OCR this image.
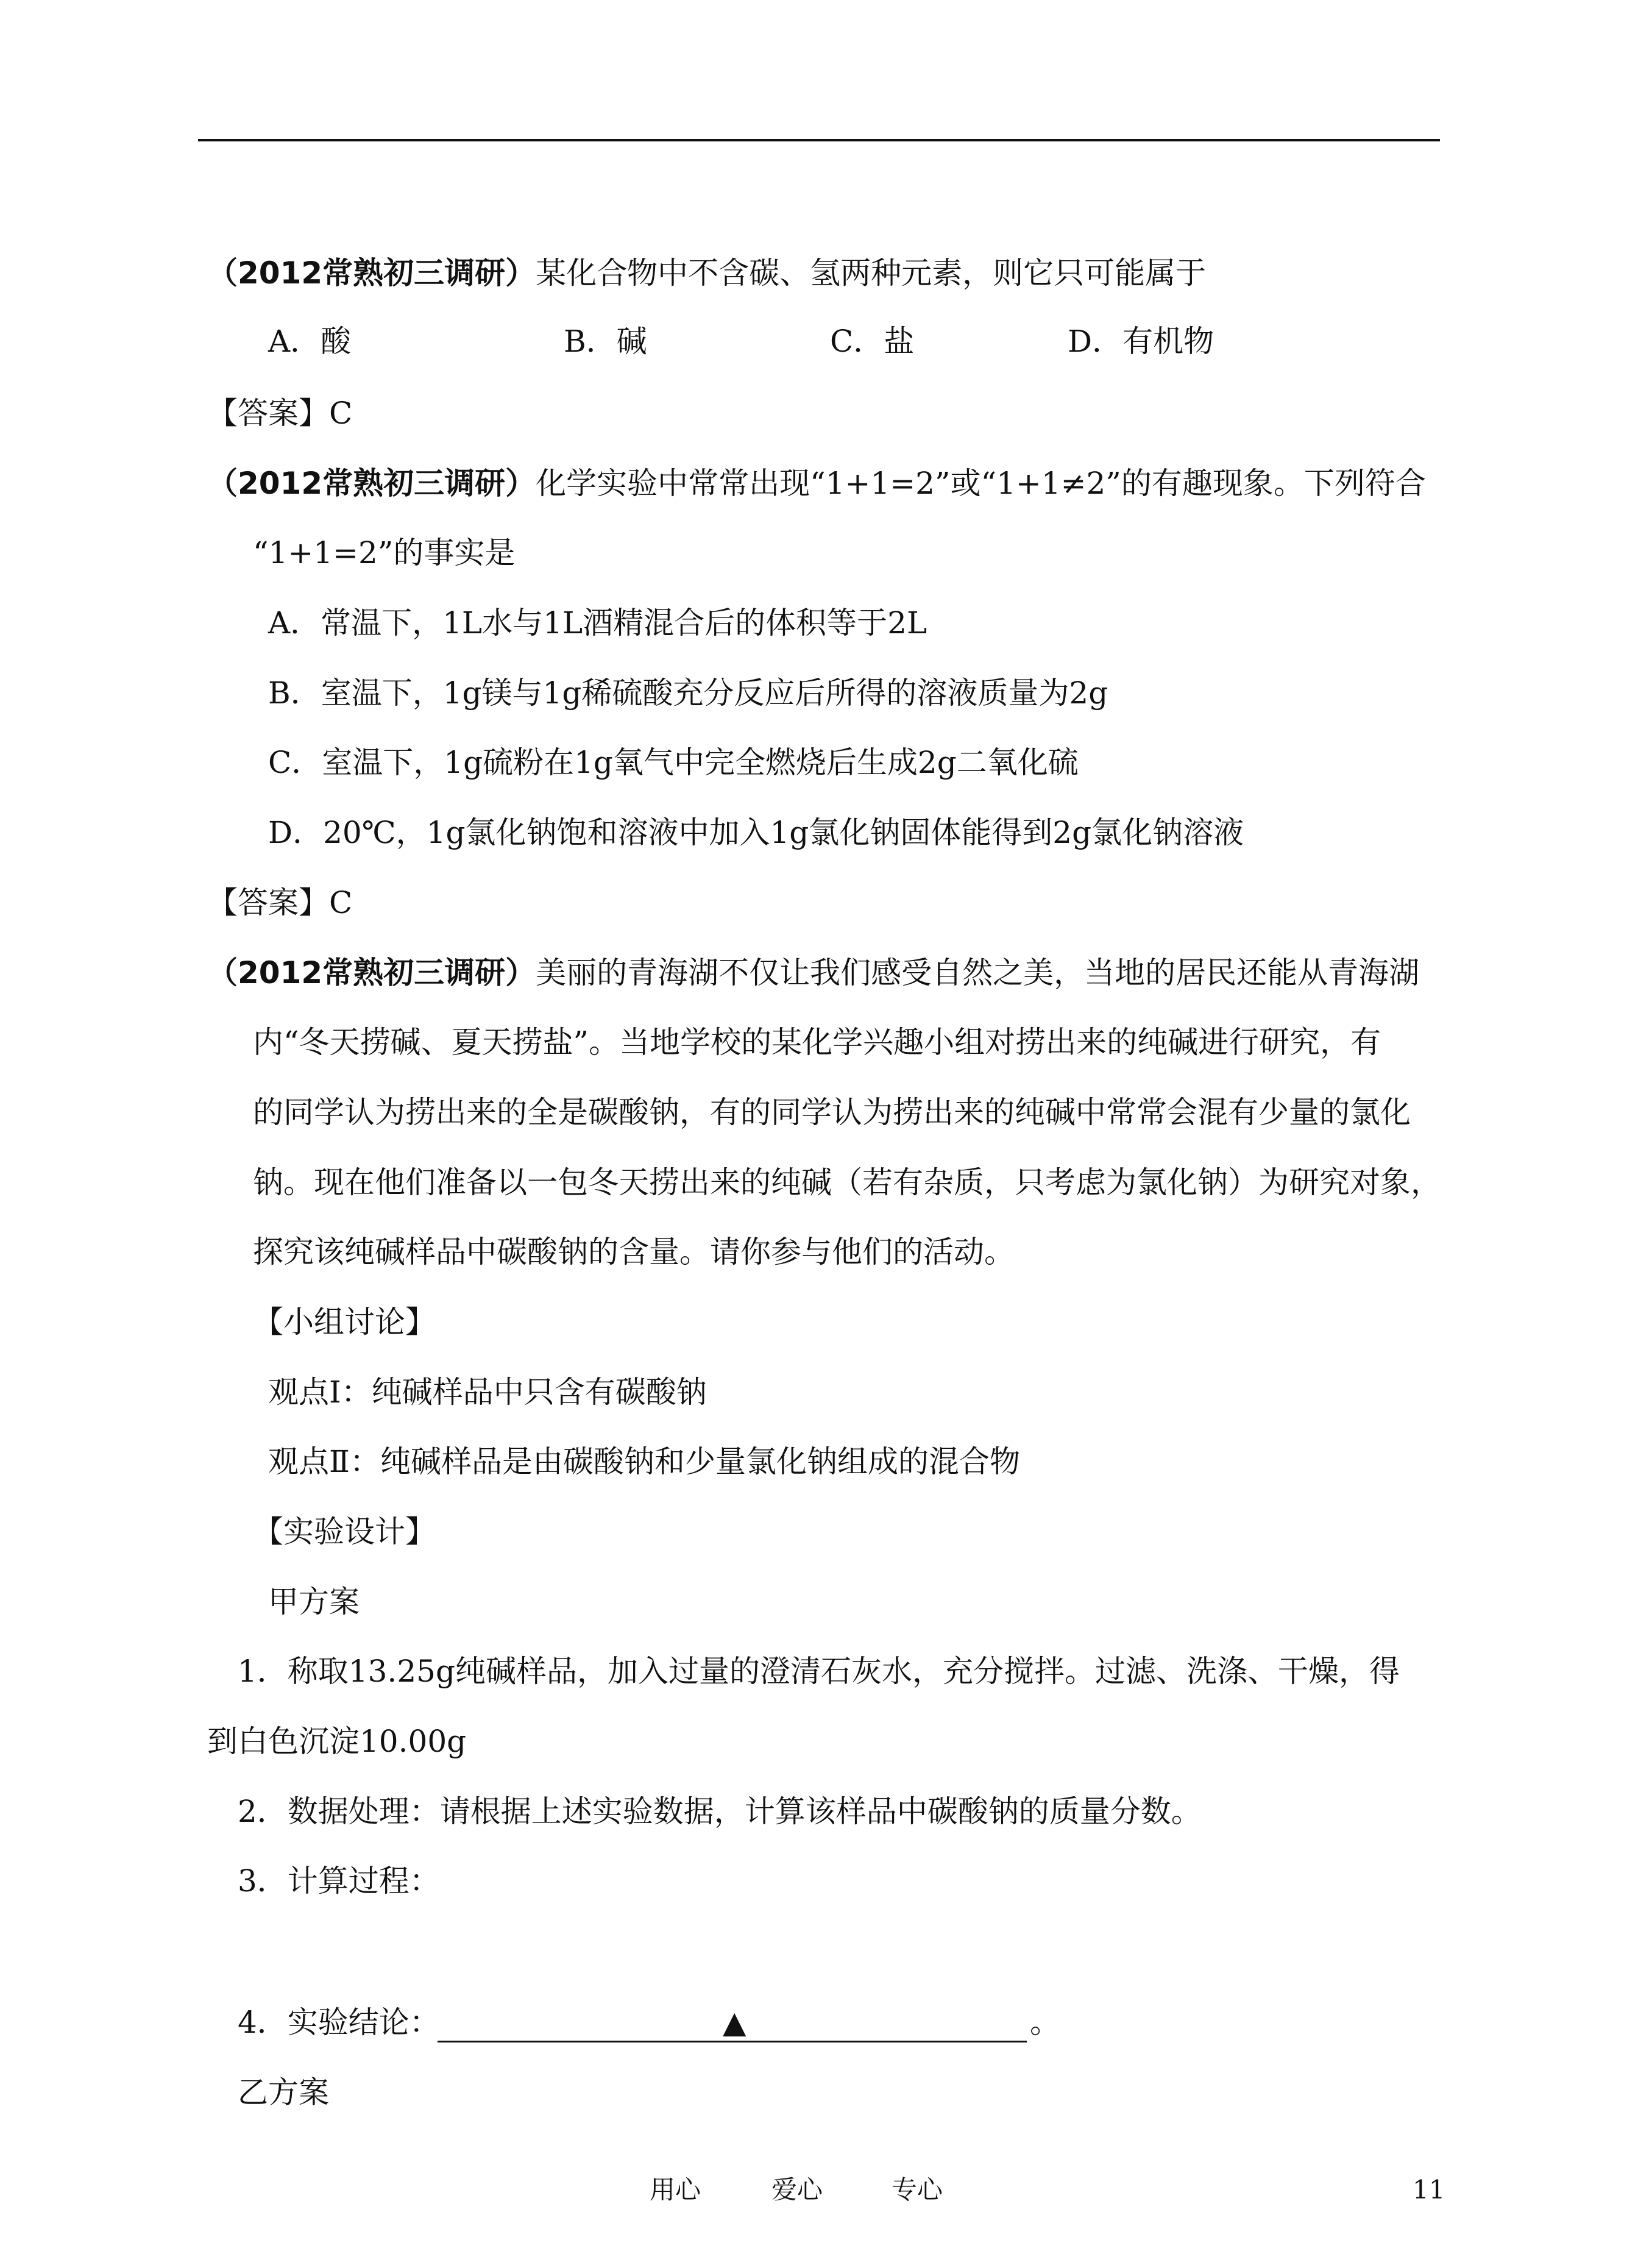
（2012常熟初三调研）某化合物中不含碳、氢两种元素，则它只可能属于
A．酸	B．碱	C．盐	D．有机物
【答案】C
（2012常熟初三调研）化学实验中常常出现“1+1=2”或“1+1≠2”的有趣现象。下列符合
“1+1=2”的事实是
A．常温下，1L水与1L酒精混合后的体积等于2L
B．室温下，1g镁与1g稀硫酸充分反应后所得的溶液质量为2g
C．室温下，1g硫粉在1g氧气中完全燃烧后生成2g二氧化硫
D．20℃，1g氯化钠饱和溶液中加入1g氯化钠固体能得到2g氯化钠溶液
【答案】C
（2012常熟初三调研）美丽的青海湖不仅让我们感受自然之美，当地的居民还能从青海湖
内“冬天捞碱、夏天捞盐”。当地学校的某化学兴趣小组对捞出来的纯碱进行研究，有
的同学认为捞出来的全是碳酸钠，有的同学认为捞出来的纯碱中常常会混有少量的氯化
钠。现在他们准备以一包冬天捞出来的纯碱（若有杂质，只考虑为氯化钠）为研究对象，
探究该纯碱样品中碳酸钠的含量。请你参与他们的活动。
【小组讨论】
观点Ⅰ：纯碱样品中只含有碳酸钠
观点Ⅱ：纯碱样品是由碳酸钠和少量氯化钠组成的混合物
【实验设计】
甲方案
1．称取13.25g纯碱样品，加入过量的澄清石灰水，充分搅拌。过滤、洗涤、干燥，得
到白色沉淀10.00g
2．数据处理：请根据上述实验数据，计算该样品中碳酸钠的质量分数。
3．计算过程：
4．实验结论：	▲	。
乙方案
用心	爱心	专心	11
